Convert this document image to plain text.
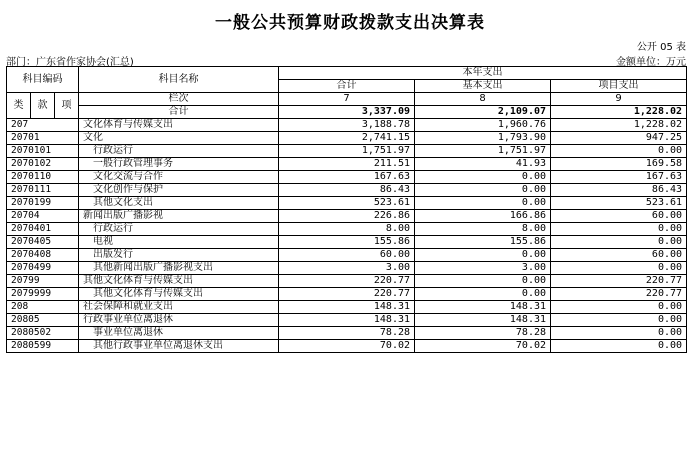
一般公共预算财政拨款支出决算表
公开 05 表
部门：广东省作家协会(汇总)	金额单位：万元
科目编码			科目名称	本年支出		
				合计	基本支出	项目支出
类	款	项	栏次	7	8	9
			合计	3,337.09	2,109.07	1,228.02
207			文化体育与传媒支出	3,188.78	1,960.76	1,228.02
20701			文化	2,741.15	1,793.90	947.25
2070101			行政运行	1,751.97	1,751.97	0.00
2070102			一般行政管理事务	211.51	41.93	169.58
2070110			文化交流与合作	167.63	0.00	167.63
2070111			文化创作与保护	86.43	0.00	86.43
2070199			其他文化支出	523.61	0.00	523.61
20704			新闻出版广播影视	226.86	166.86	60.00
2070401			行政运行	8.00	8.00	0.00
2070405			电视	155.86	155.86	0.00
2070408			出版发行	60.00	0.00	60.00
2070499			其他新闻出版广播影视支出	3.00	3.00	0.00
20799			其他文化体育与传媒支出	220.77	0.00	220.77
2079999			其他文化体育与传媒支出	220.77	0.00	220.77
208			社会保障和就业支出	148.31	148.31	0.00
20805			行政事业单位离退休	148.31	148.31	0.00
2080502			事业单位离退休	78.28	78.28	0.00
2080599			其他行政事业单位离退休支出	70.02	70.02	0.00
